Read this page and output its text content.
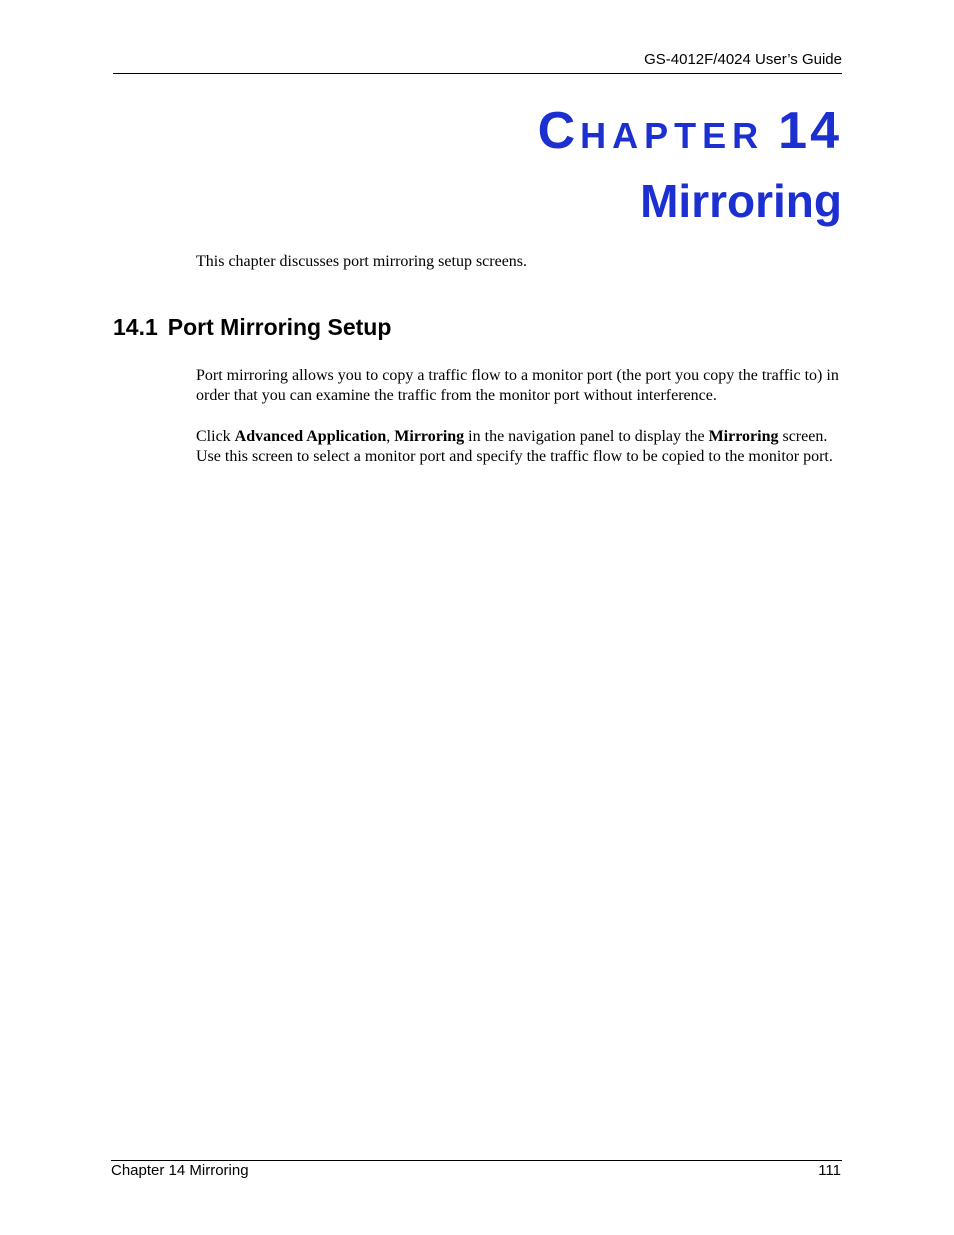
GS-4012F/4024 User’s Guide
CHAPTER 14
Mirroring

This chapter discusses port mirroring setup screens.

14.1 Port Mirroring Setup

Port mirroring allows you to copy a traffic flow to a monitor port (the port you copy the traffic to) in order that you can examine the traffic from the monitor port without interference.

Click Advanced Application, Mirroring in the navigation panel to display the Mirroring screen. Use this screen to select a monitor port and specify the traffic flow to be copied to the monitor port.

Chapter 14 Mirroring	111
